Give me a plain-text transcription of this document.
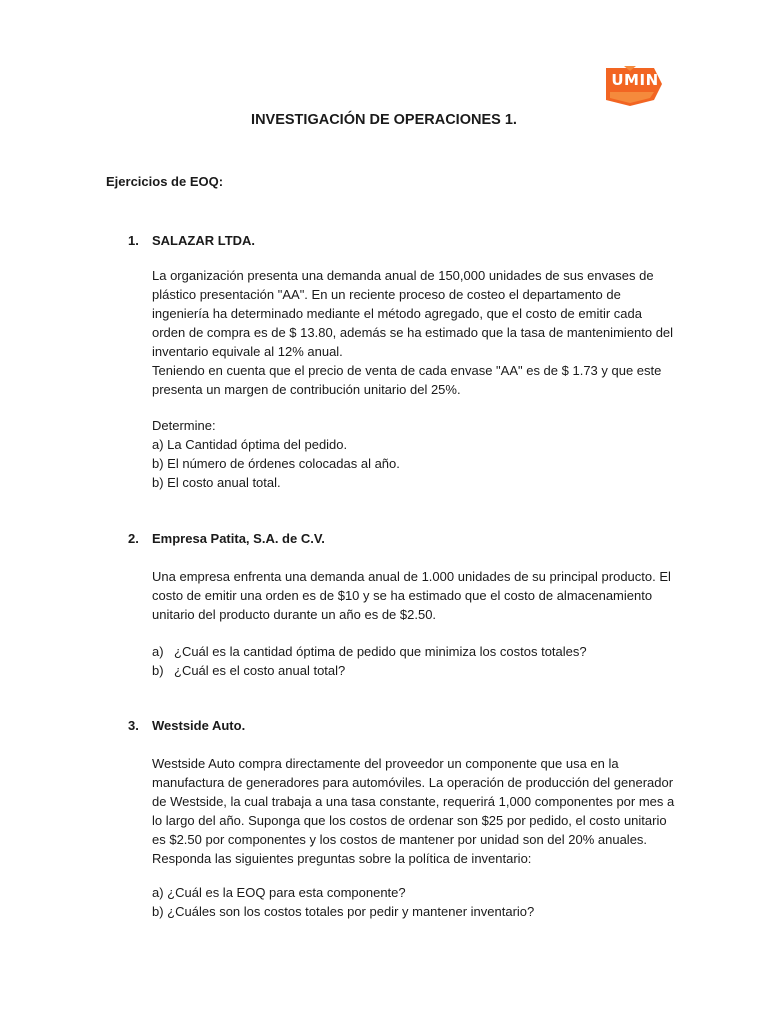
UMIN
INVESTIGACIÓN DE OPERACIONES 1.
Ejercicios de EOQ:
1. SALAZAR LTDA.
La organización presenta una demanda anual de 150,000 unidades de sus envases de
plástico presentación "AA". En un reciente proceso de costeo el departamento de
ingeniería ha determinado mediante el método agregado, que el costo de emitir cada
orden de compra es de $ 13.80, además se ha estimado que la tasa de mantenimiento del
inventario equivale al 12% anual.
Teniendo en cuenta que el precio de venta de cada envase "AA" es de $ 1.73 y que este
presenta un margen de contribución unitario del 25%.
Determine:
a) La Cantidad óptima del pedido.
b) El número de órdenes colocadas al año.
b) El costo anual total.
2. Empresa Patita, S.A. de C.V.
Una empresa enfrenta una demanda anual de 1.000 unidades de su principal producto. El
costo de emitir una orden es de $10 y se ha estimado que el costo de almacenamiento
unitario del producto durante un año es de $2.50.
a) ¿Cuál es la cantidad óptima de pedido que minimiza los costos totales?
b) ¿Cuál es el costo anual total?
3. Westside Auto.
Westside Auto compra directamente del proveedor un componente que usa en la
manufactura de generadores para automóviles. La operación de producción del generador
de Westside, la cual trabaja a una tasa constante, requerirá 1,000 componentes por mes a
lo largo del año. Suponga que los costos de ordenar son $25 por pedido, el costo unitario
es $2.50 por componentes y los costos de mantener por unidad son del 20% anuales.
Responda las siguientes preguntas sobre la política de inventario:
a) ¿Cuál es la EOQ para esta componente?
b) ¿Cuáles son los costos totales por pedir y mantener inventario?
